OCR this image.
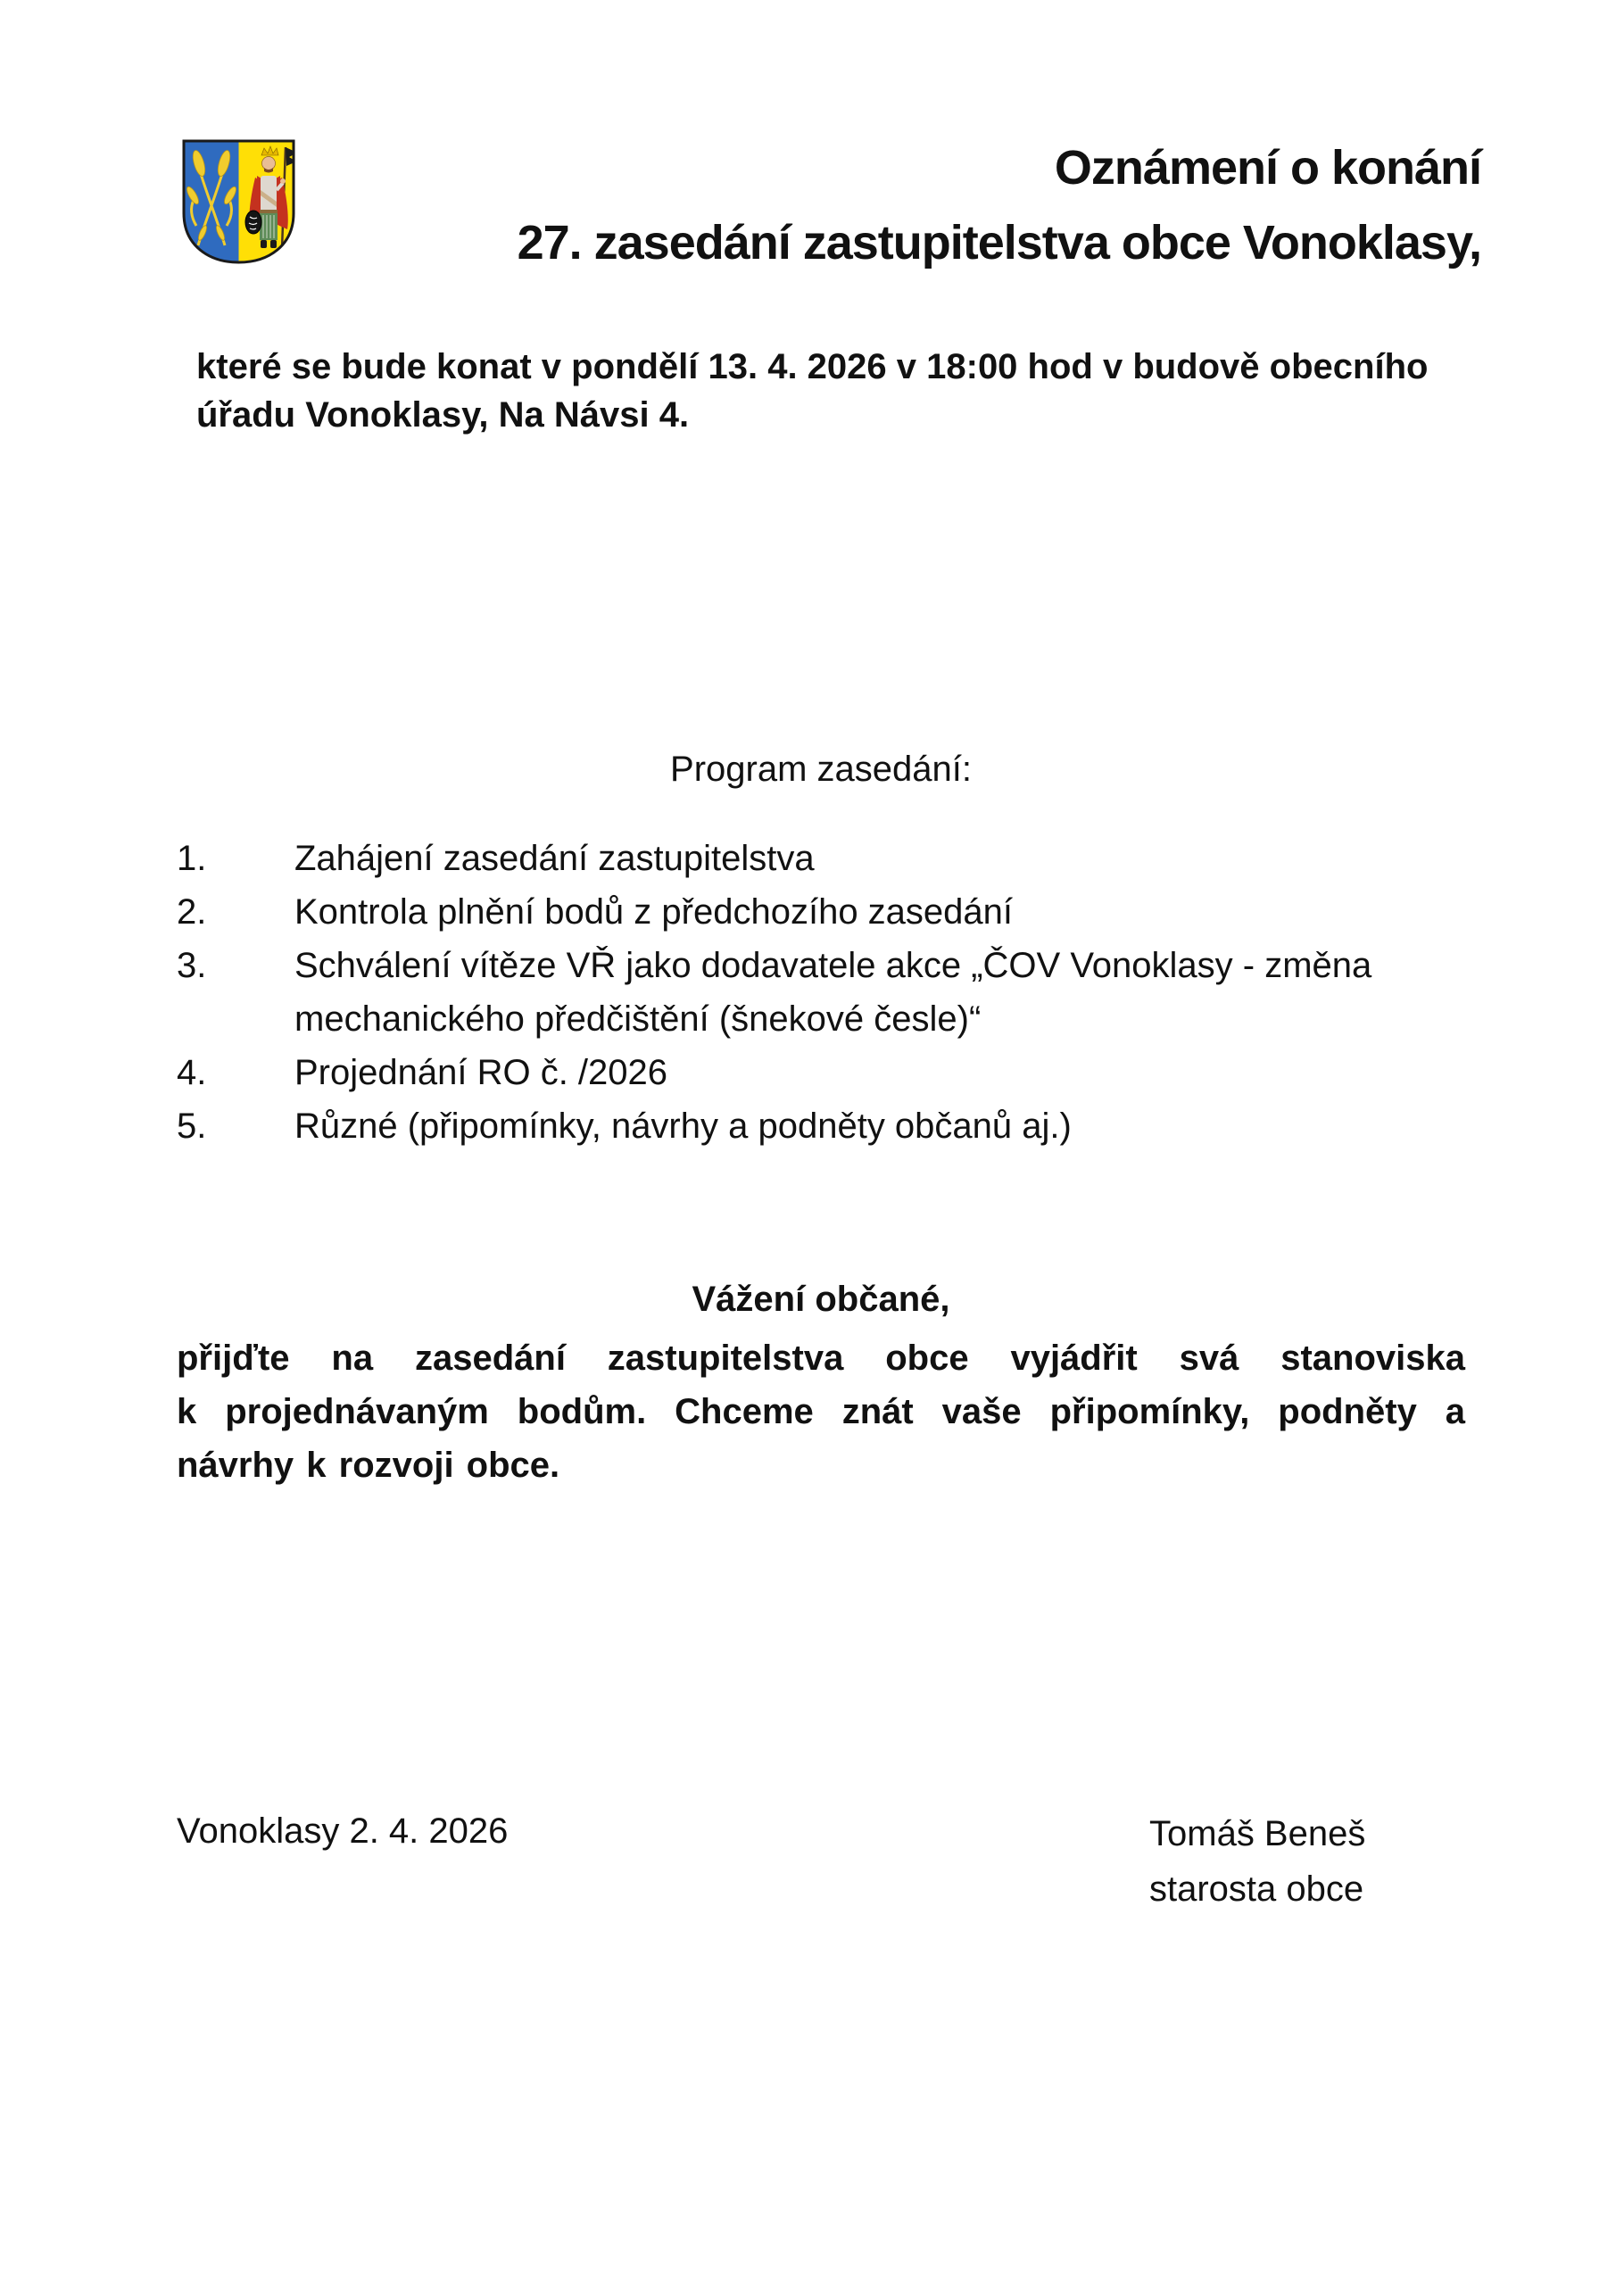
Oznámení o konání
27. zasedání zastupitelstva obce Vonoklasy,
které se bude konat v pondělí 13. 4. 2026 v 18:00 hod v budově obecního úřadu Vonoklasy, Na Návsi 4.
Program zasedání:
1.	Zahájení zasedání zastupitelstva
2.	Kontrola plnění bodů z předchozího zasedání
3.	Schválení vítěze VŘ jako dodavatele akce „ČOV Vonoklasy - změna mechanického předčištění (šnekové česle)“
4.	Projednání RO č. /2026
5.	Různé (připomínky, návrhy a podněty občanů aj.)
Vážení občané,
přijďte na zasedání zastupitelstva obce vyjádřit svá stanoviska k projednávaným bodům. Chceme znát vaše připomínky, podněty a návrhy k rozvoji obce.
Vonoklasy 2. 4. 2026	Tomáš Beneš
starosta obce
